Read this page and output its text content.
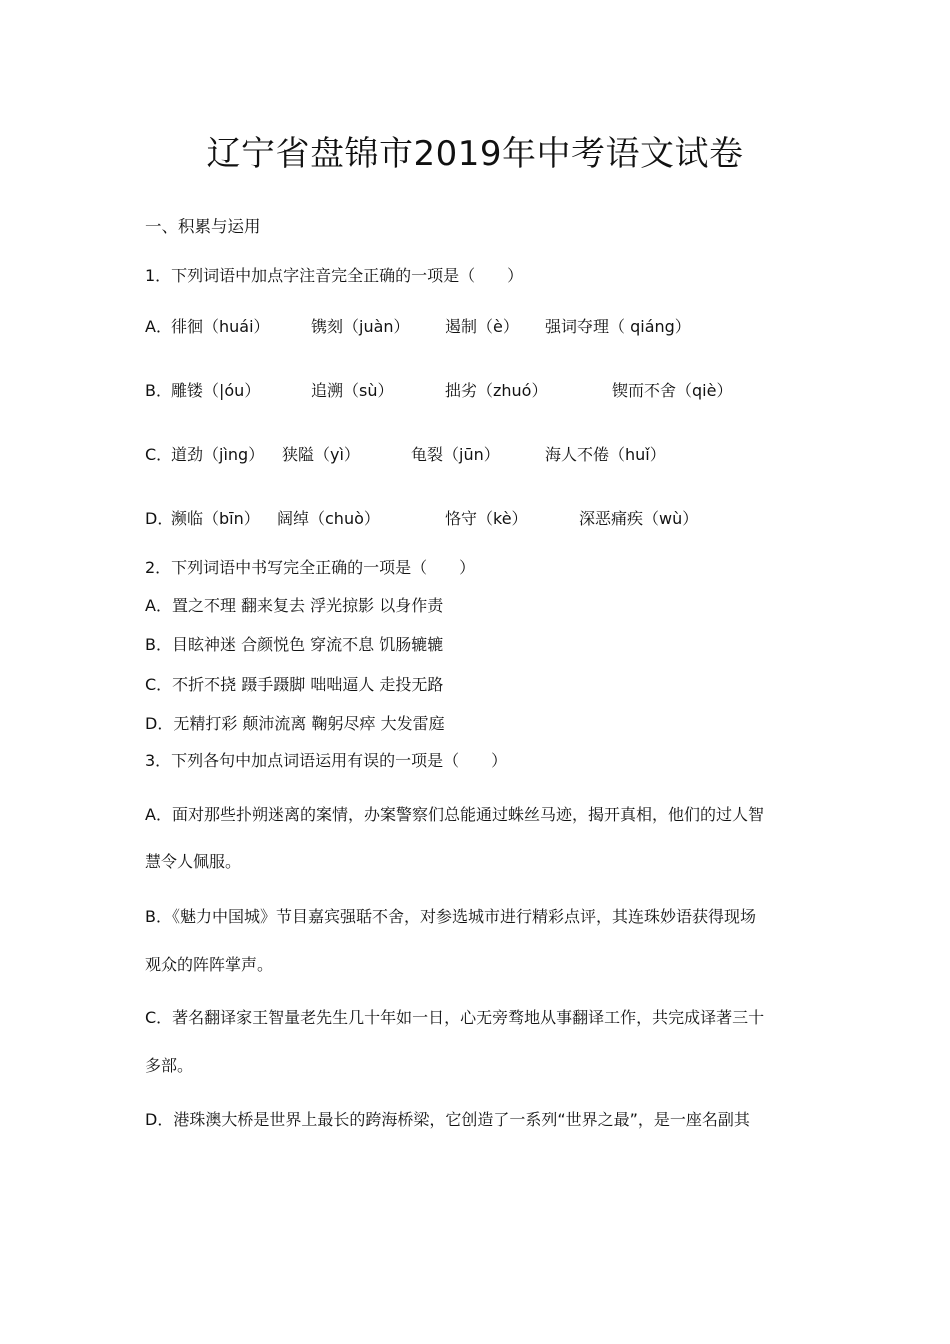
辽宁省盘锦市2019年中考语文试卷
一、积累与运用
1．下列词语中加点字注音完全正确的一项是（　　）
A． 徘徊（huái）	镌刻（juàn） 遏制（è） 强词夺理（ qiáng）
B． 雕镂（|óu）	追溯（sù）	拙劣（zhuó）	锲而不舍（qiè）
C．
道劲（jìng） 狭隘（yì）	龟裂（jūn）	海人不倦（huǐ）
D．
濒临（bīn） 阔绰（chuò）	恪守（kè）	深恶痛疾（wù）
2．下列词语中书写完全正确的一项是（　　）
A．置之不理 翻来复去 浮光掠影 以身作责
B．目眩神迷 合颜悦色 穿流不息 饥肠辘辘
C．不折不挠 蹑手蹑脚 咄咄逼人 走投无路
D．无精打彩 颠沛流离 鞠躬尽瘁 大发雷庭
3．下列各句中加点词语运用有误的一项是（　　）
A．面对那些扑朔迷离的案情，办案警察们总能通过蛛丝马迹，揭开真相，他们的过人智
慧令人佩服。
B．《魅力中国城》节目嘉宾强聒不舍，对参选城市进行精彩点评，其连珠妙语获得现场
观众的阵阵掌声。
C．著名翻译家王智量老先生几十年如一日，心无旁骛地从事翻译工作，共完成译著三十
多部。
D．港珠澳大桥是世界上最长的跨海桥梁，它创造了一系列“世界之最”，是一座名副其
